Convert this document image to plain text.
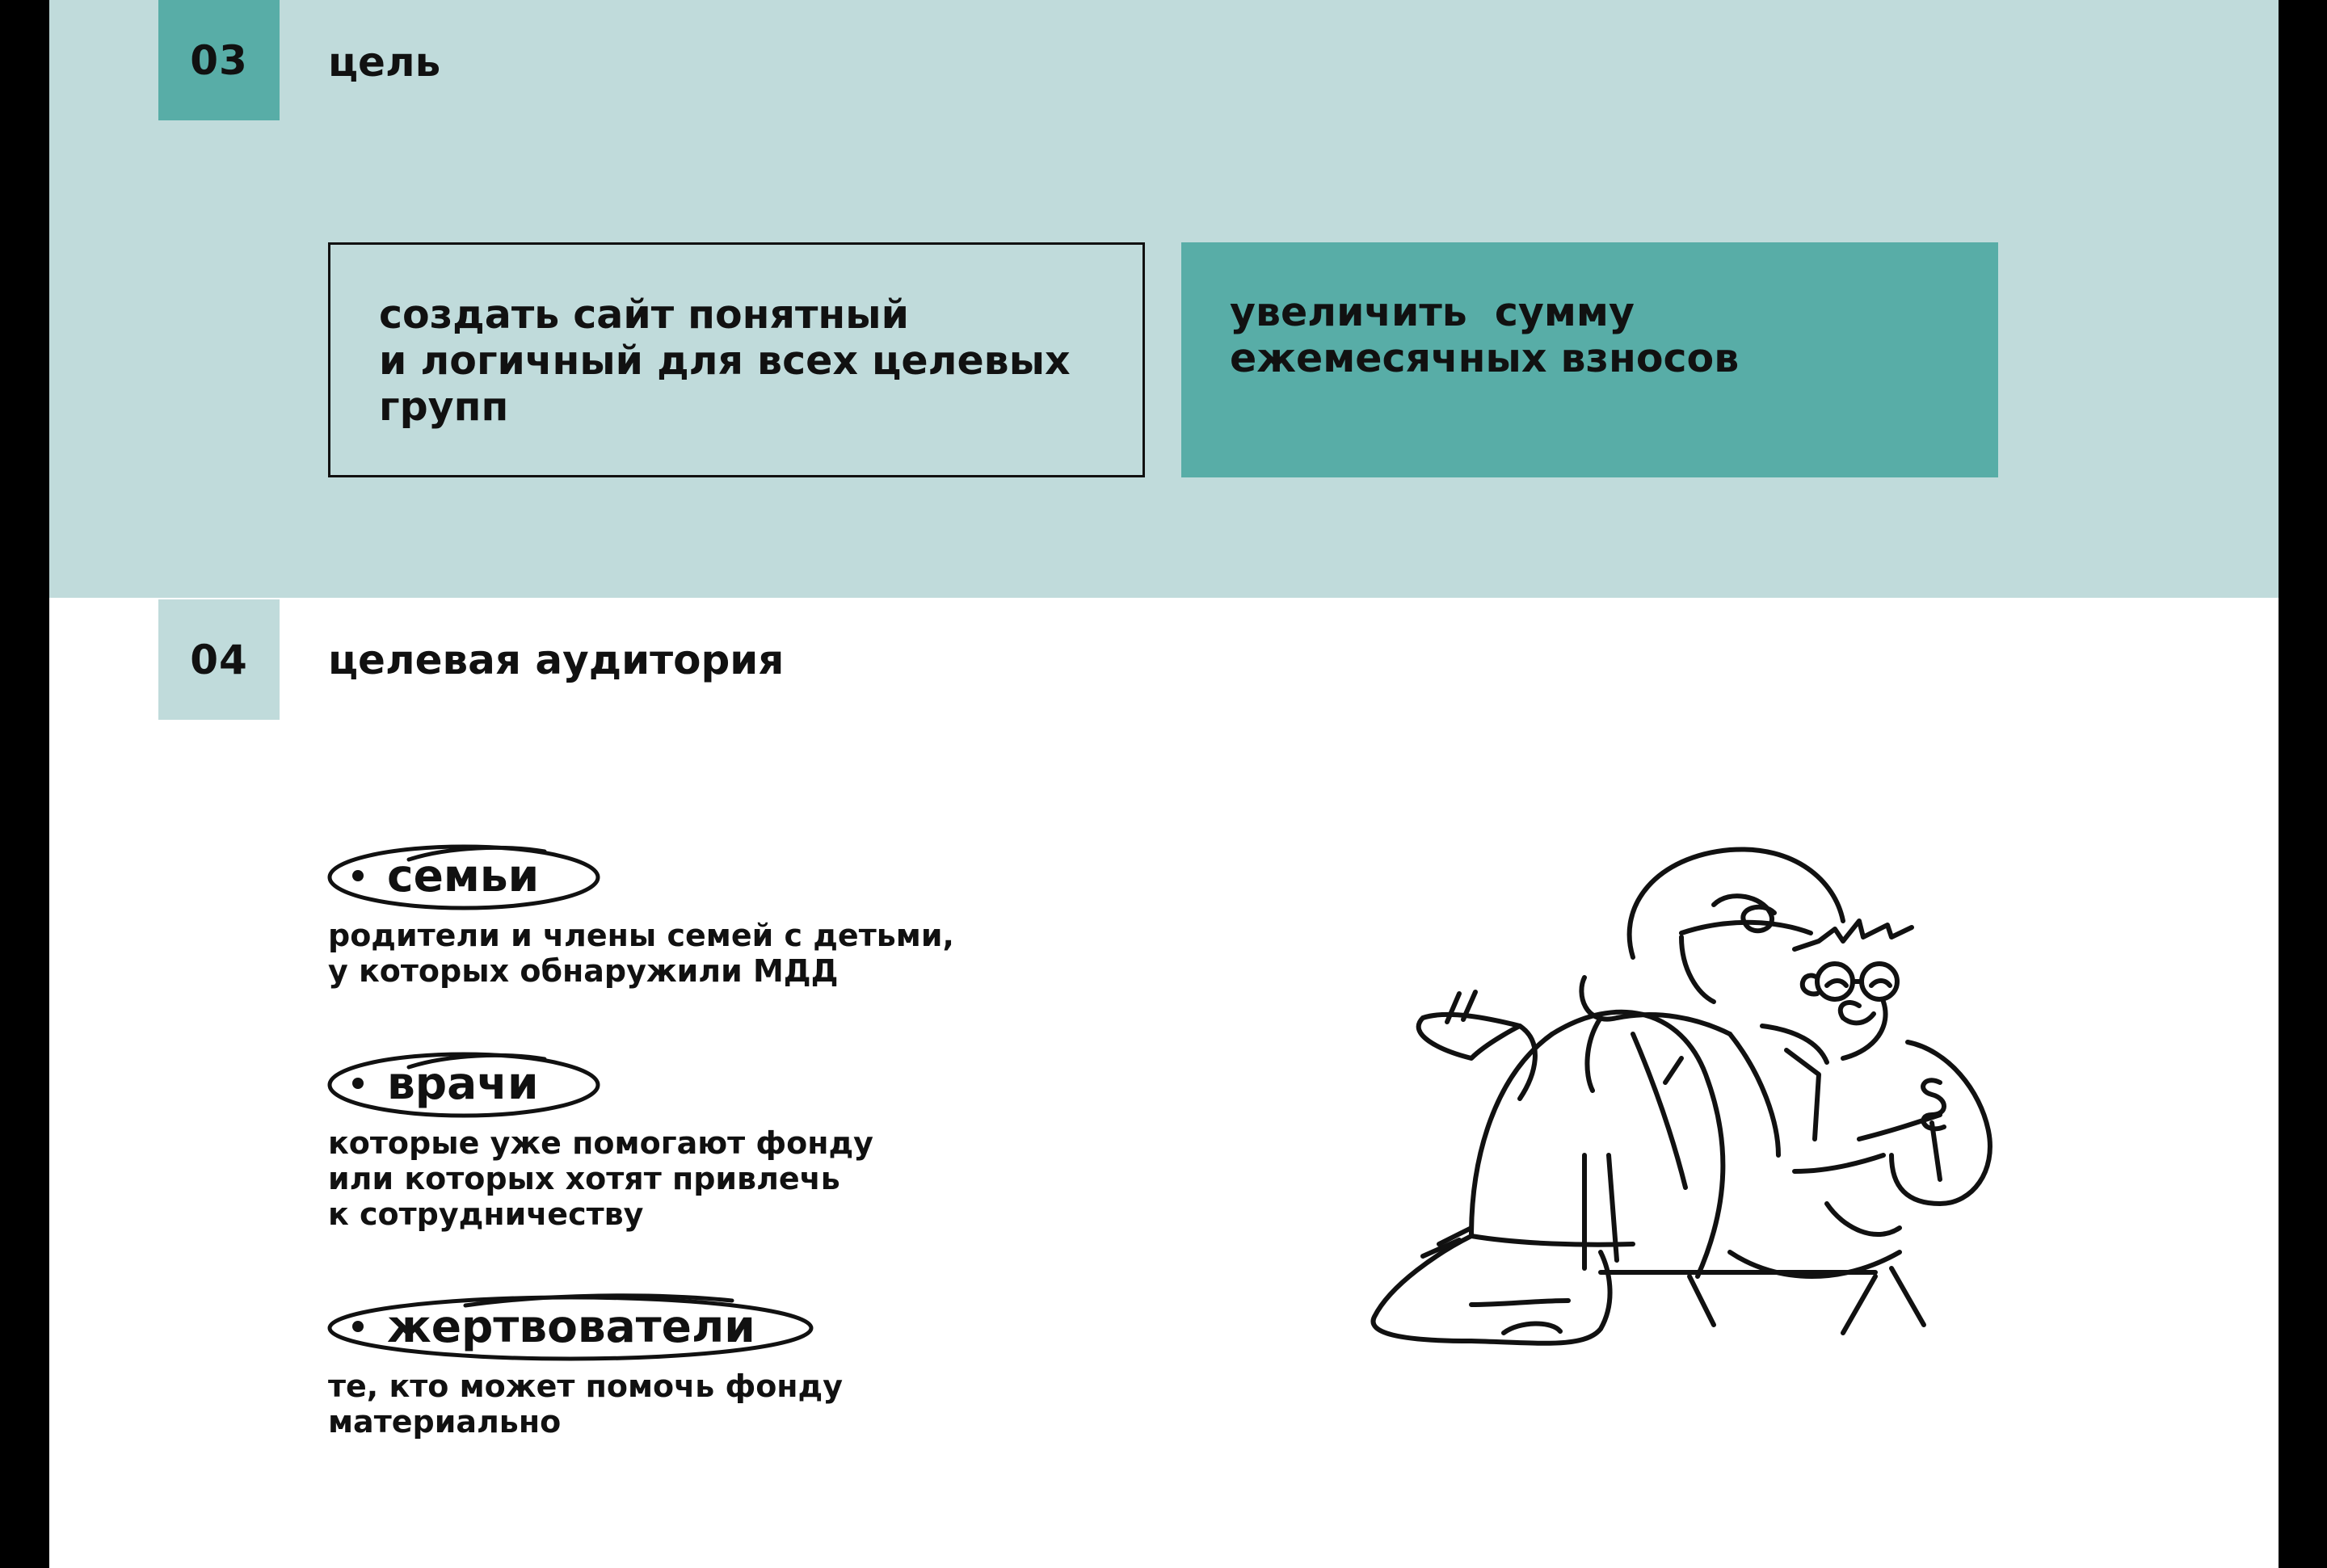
03	цель
создать сайт понятный
и логичный для всех целевых
групп
увеличить  сумму
ежемесячных взносов
04	целевая аудитория
семьи
родители и члены семей с детьми,
у которых обнаружили МДД
врачи
которые уже помогают фонду
или которых хотят привлечь
к сотрудничеству
жертвователи
те, кто может помочь фонду
материально
